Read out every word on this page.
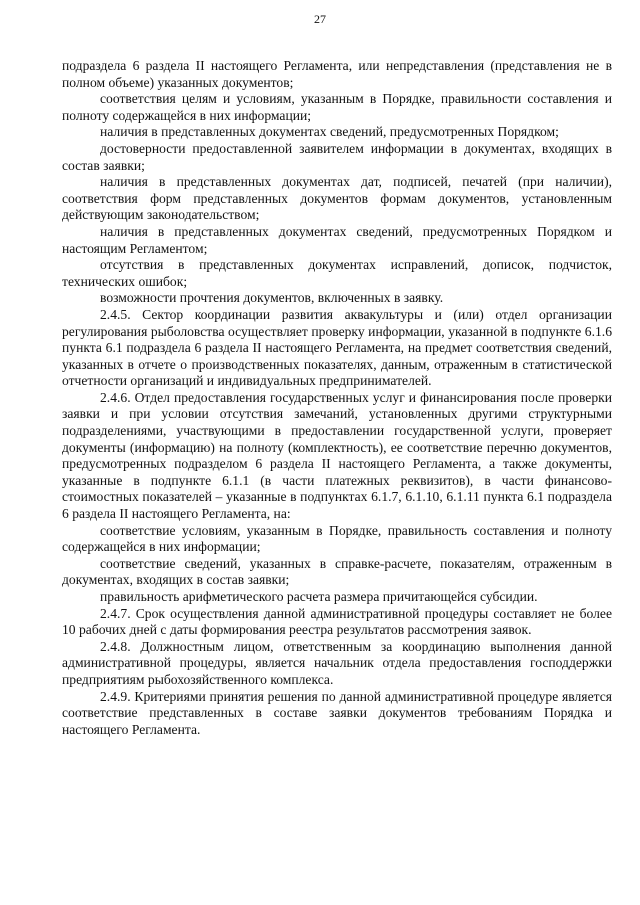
27

подраздела 6 раздела II настоящего Регламента, или непредставления (представления не в полном объеме) указанных документов;

соответствия целям и условиям, указанным в Порядке, правильности составления и полноту содержащейся в них информации;

наличия в представленных документах сведений, предусмотренных Порядком;

достоверности предоставленной заявителем информации в документах, входящих в состав заявки;

наличия в представленных документах дат, подписей, печатей (при наличии), соответствия форм представленных документов формам документов, установленным действующим законодательством;

наличия в представленных документах сведений, предусмотренных Порядком и настоящим Регламентом;

отсутствия в представленных документах исправлений, дописок, подчисток, технических ошибок;

возможности прочтения документов, включенных в заявку.

2.4.5. Сектор координации развития аквакультуры и (или) отдел организации регулирования рыболовства осуществляет проверку информации, указанной в подпункте 6.1.6 пункта 6.1 подраздела 6 раздела II настоящего Регламента, на предмет соответствия сведений, указанных в отчете о производственных показателях, данным, отраженным в статистической отчетности организаций и индивидуальных предпринимателей.

2.4.6. Отдел предоставления государственных услуг и финансирования после проверки заявки и при условии отсутствия замечаний, установленных другими структурными подразделениями, участвующими в предоставлении государственной услуги, проверяет документы (информацию) на полноту (комплектность), ее соответствие перечню документов, предусмотренных подразделом 6 раздела II настоящего Регламента, а также документы, указанные в подпункте 6.1.1 (в части платежных реквизитов), в части финансово-стоимостных показателей – указанные в подпунктах 6.1.7, 6.1.10, 6.1.11 пункта 6.1 подраздела 6 раздела II настоящего Регламента, на:

соответствие условиям, указанным в Порядке, правильность составления и полноту содержащейся в них информации;

соответствие сведений, указанных в справке-расчете, показателям, отраженным в документах, входящих в состав заявки;

правильность арифметического расчета размера причитающейся субсидии.

2.4.7. Срок осуществления данной административной процедуры составляет не более 10 рабочих дней с даты формирования реестра результатов рассмотрения заявок.

2.4.8. Должностным лицом, ответственным за координацию выполнения данной административной процедуры, является начальник отдела предоставления господдержки предприятиям рыбохозяйственного комплекса.

2.4.9. Критериями принятия решения по данной административной процедуре является соответствие представленных в составе заявки документов требованиям Порядка и настоящего Регламента.
